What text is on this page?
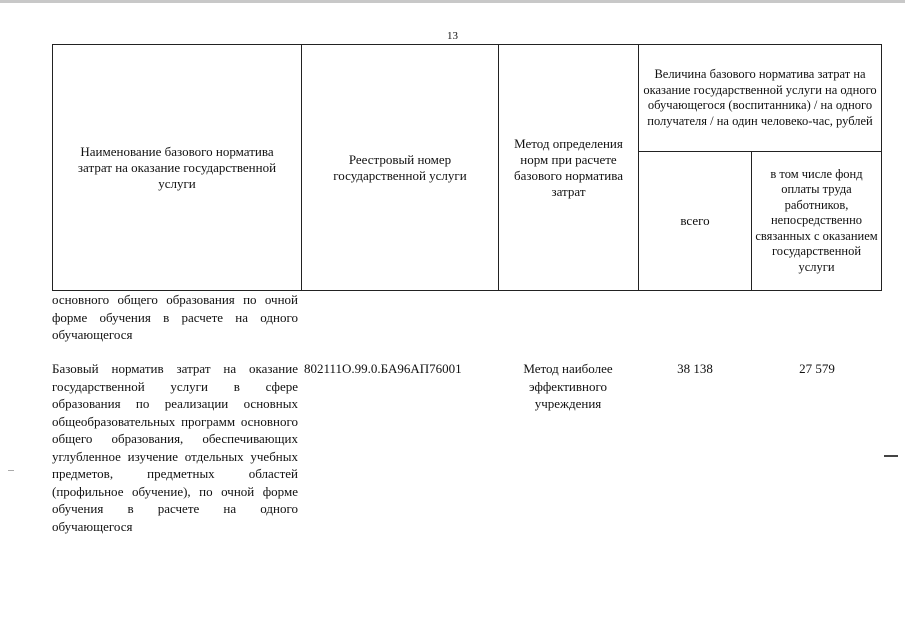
13
Наименование базового норматива затрат на оказание государственной услуги
Реестровый номер государственной услуги
Метод определения норм при расчете базового норматива затрат
Величина базового норматива затрат на оказание государственной услуги на одного обучающегося (воспитанника) / на одного получателя / на один человеко-час, рублей
всего
в том числе фонд оплаты труда работников, непосредственно связанных с оказанием государственной услуги
основного общего образования по очной форме обучения в расчете на одного обучающегося
Базовый норматив затрат на оказание государственной услуги в сфере образования по реализации основных общеобразовательных программ основного общего образования, обеспечивающих углубленное изучение отдельных учебных предметов, предметных областей (профильное обучение), по очной форме обучения в расчете на одного обучающегося
802111О.99.0.БА96АП76001	Метод наиболее эффективного учреждения
38 138	27 579
